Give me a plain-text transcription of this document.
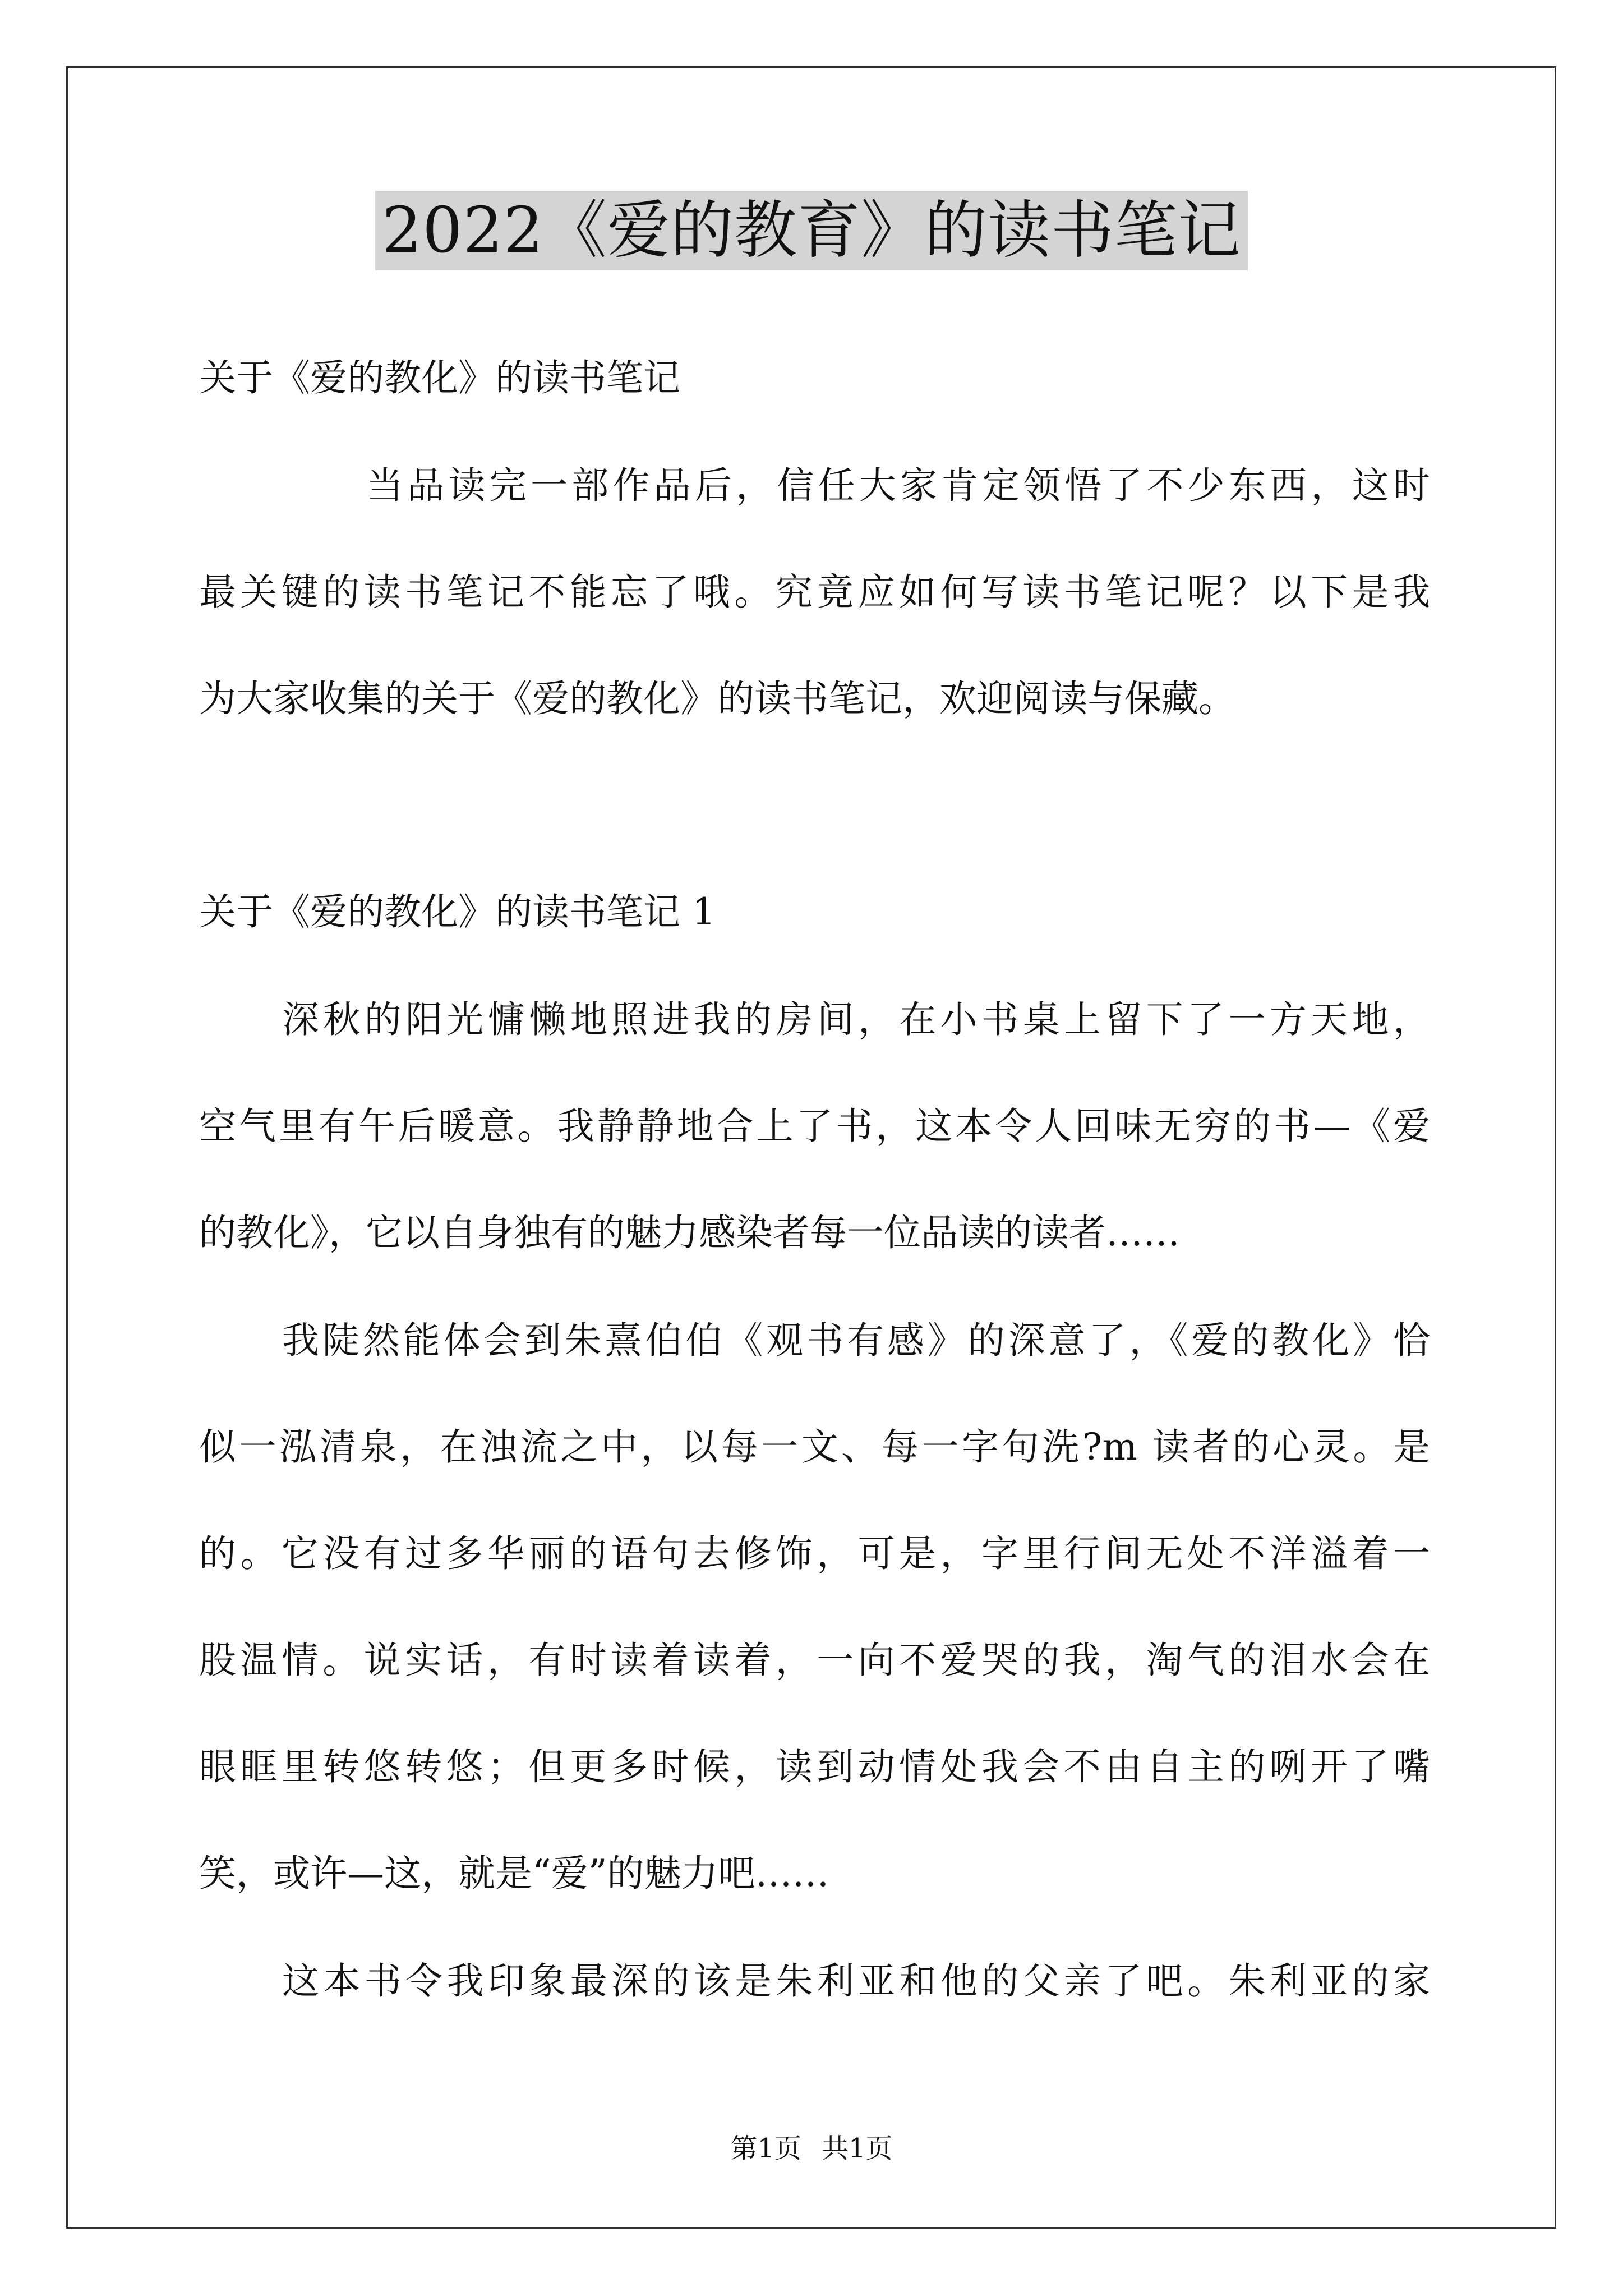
2022《爱的教育》的读书笔记
关于《爱的教化》的读书笔记
当品读完一部作品后，信任大家肯定领悟了不少东西，这时
最关键的读书笔记不能忘了哦。究竟应如何写读书笔记呢？以下是我
为大家收集的关于《爱的教化》的读书笔记，欢迎阅读与保藏。
关于《爱的教化》的读书笔记 1
深秋的阳光慵懒地照进我的房间，在小书桌上留下了一方天地，
空气里有午后暖意。我静静地合上了书，这本令人回味无穷的书—《爱
的教化》，它以自身独有的魅力感染者每一位品读的读者……
我陡然能体会到朱熹伯伯《观书有感》的深意了，《爱的教化》恰
似一泓清泉，在浊流之中，以每一文、每一字句洗?m 读者的心灵。是
的。它没有过多华丽的语句去修饰，可是，字里行间无处不洋溢着一
股温情。说实话，有时读着读着，一向不爱哭的我，淘气的泪水会在
眼眶里转悠转悠；但更多时候，读到动情处我会不由自主的咧开了嘴
笑，或许—这，就是“爱”的魅力吧……
这本书令我印象最深的该是朱利亚和他的父亲了吧。朱利亚的家
第1页 共1页
